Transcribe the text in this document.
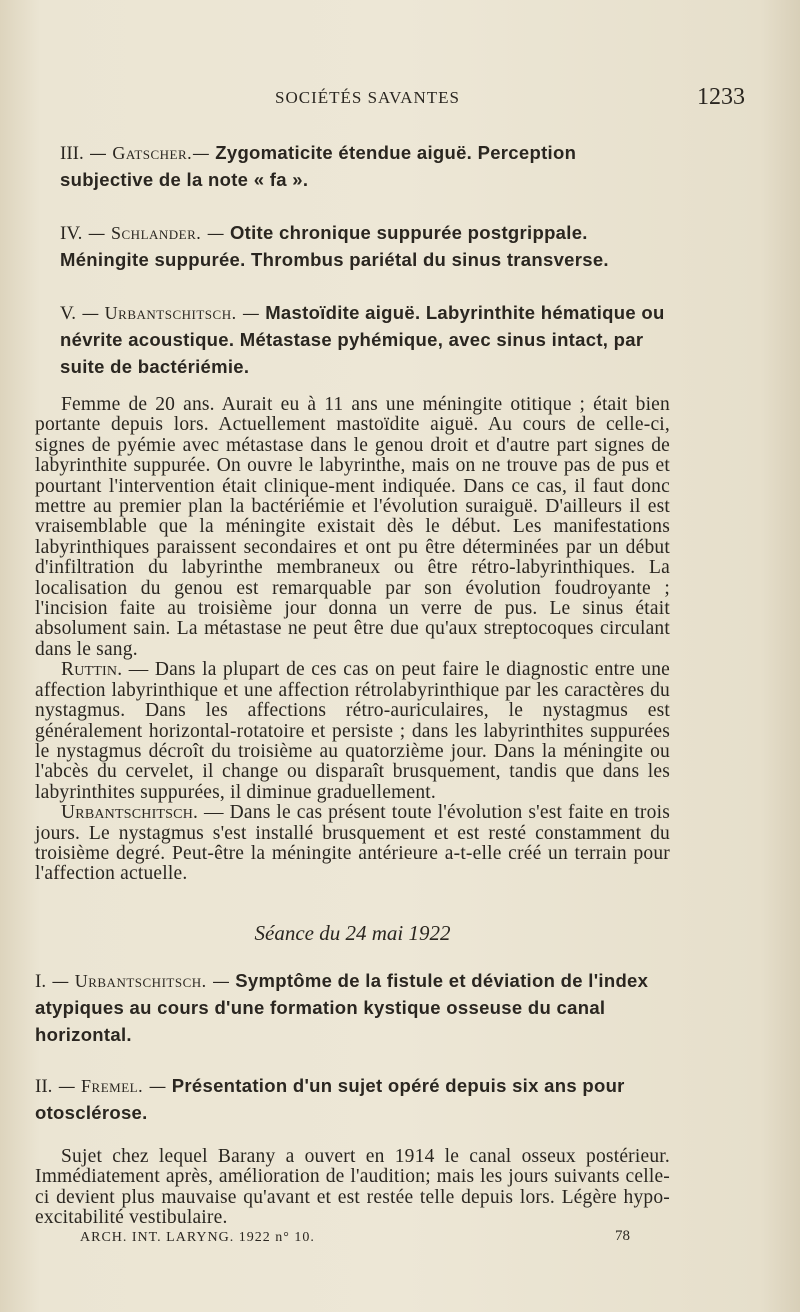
SOCIÉTÉS SAVANTES	1233

III. — Gatscher.— Zygomaticite étendue aiguë. Perception subjective de la note « fa ».

IV. — Schlander. — Otite chronique suppurée postgrippale. Méningite suppurée. Thrombus pariétal du sinus transverse.

V. — Urbantschitsch. — Mastoïdite aiguë. Labyrinthite hématique ou névrite acoustique. Métastase pyhémique, avec sinus intact, par suite de bactériémie.

Femme de 20 ans. Aurait eu à 11 ans une méningite otitique ; était bien portante depuis lors. Actuellement mastoïdite aiguë. Au cours de celle-ci, signes de pyémie avec métastase dans le genou droit et d'autre part signes de labyrinthite suppurée. On ouvre le labyrinthe, mais on ne trouve pas de pus et pourtant l'intervention était clinique-ment indiquée. Dans ce cas, il faut donc mettre au premier plan la bactériémie et l'évolution suraiguë. D'ailleurs il est vraisemblable que la méningite existait dès le début. Les manifestations labyrinthiques paraissent secondaires et ont pu être déterminées par un début d'infiltration du labyrinthe membraneux ou être rétro-labyrinthiques. La localisation du genou est remarquable par son évolution foudroyante ; l'incision faite au troisième jour donna un verre de pus. Le sinus était absolument sain. La métastase ne peut être due qu'aux streptocoques circulant dans le sang.

Ruttin. — Dans la plupart de ces cas on peut faire le diagnostic entre une affection labyrinthique et une affection rétrolabyrinthique par les caractères du nystagmus. Dans les affections rétro-auriculaires, le nystagmus est généralement horizontal-rotatoire et persiste ; dans les labyrinthites suppurées le nystagmus décroît du troisième au quatorzième jour. Dans la méningite ou l'abcès du cervelet, il change ou disparaît brusquement, tandis que dans les labyrinthites suppurées, il diminue graduellement.

Urbantschitsch. — Dans le cas présent toute l'évolution s'est faite en trois jours. Le nystagmus s'est installé brusquement et est resté constamment du troisième degré. Peut-être la méningite antérieure a-t-elle créé un terrain pour l'affection actuelle.

Séance du 24 mai 1922

I. — Urbantschitsch. — Symptôme de la fistule et déviation de l'index atypiques au cours d'une formation kystique osseuse du canal horizontal.

II. — Fremel. — Présentation d'un sujet opéré depuis six ans pour otosclérose.

Sujet chez lequel Barany a ouvert en 1914 le canal osseux postérieur. Immédiatement après, amélioration de l'audition; mais les jours suivants celle-ci devient plus mauvaise qu'avant et est restée telle depuis lors. Légère hypo-excitabilité vestibulaire.

ARCH. INT. LARYNG. 1922 n° 10.	78
